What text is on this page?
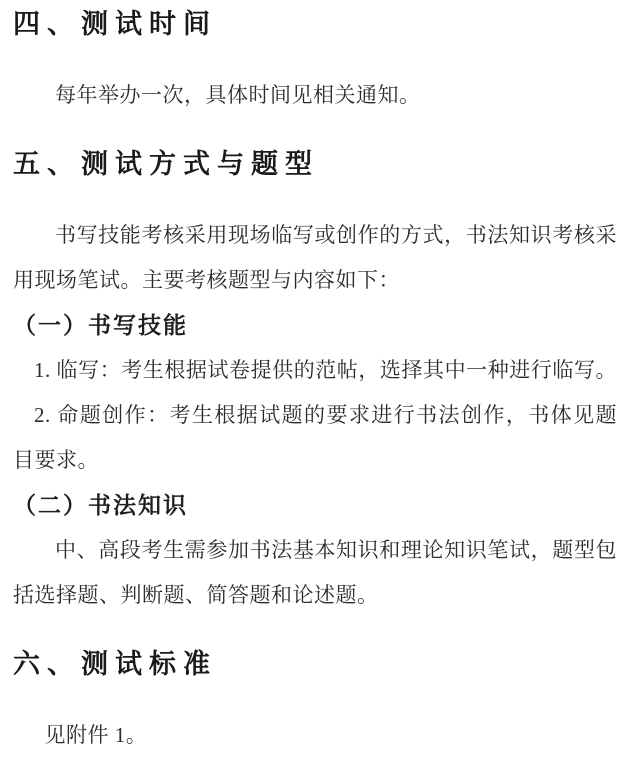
四、测试时间
每年举办一次，具体时间见相关通知。
五、测试方式与题型
书写技能考核采用现场临写或创作的方式，书法知识考核采
用现场笔试。主要考核题型与内容如下：
（一）书写技能
1. 临写：考生根据试卷提供的范帖，选择其中一种进行临写。
2. 命题创作：考生根据试题的要求进行书法创作，书体见题
目要求。
（二）书法知识
中、高段考生需参加书法基本知识和理论知识笔试，题型包
括选择题、判断题、简答题和论述题。
六、测试标准
见附件 1。
